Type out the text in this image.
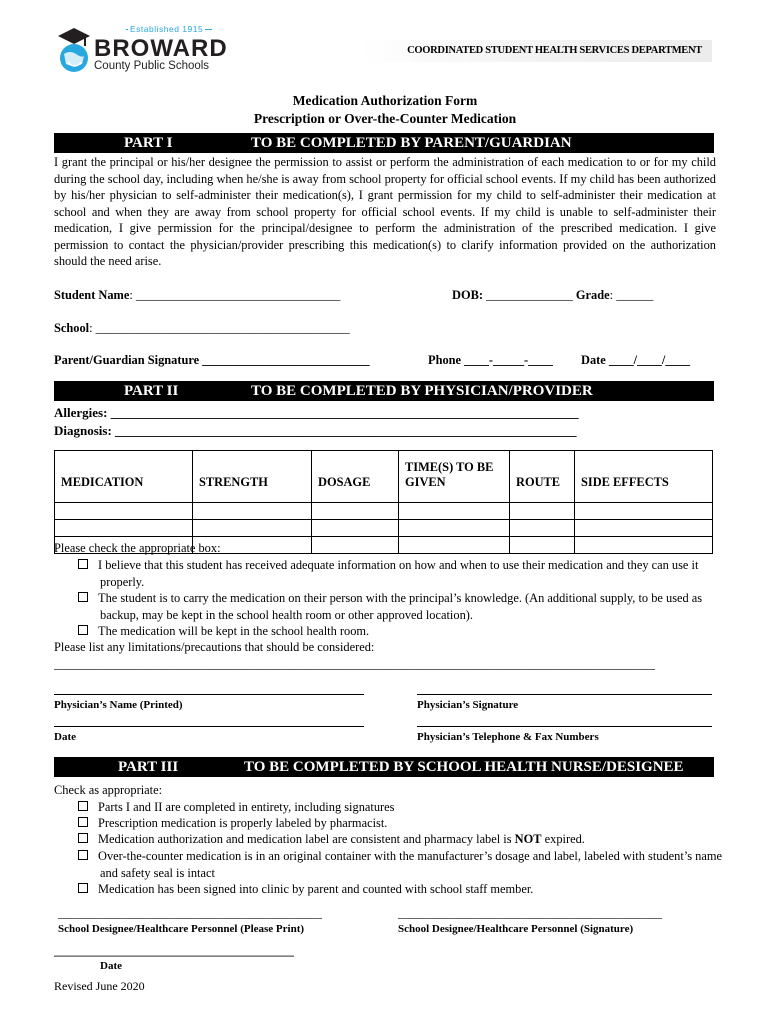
Established 1915
BROWARD
County Public Schools
COORDINATED STUDENT HEALTH SERVICES DEPARTMENT
Medication Authorization Form
Prescription or Over-the-Counter Medication
PART I	TO BE COMPLETED BY PARENT/GUARDIAN
I grant the principal or his/her designee the permission to assist or perform the administration of each medication to or for my child during the school day, including when he/she is away from school property for official school events. If my child has been authorized by his/her physician to self-administer their medication(s), I grant permission for my child to self-administer their medication at school and when they are away from school property for official school events. If my child is unable to self-administer their medication, I give permission for the principal/designee to perform the administration of the prescribed medication. I give permission to contact the physician/provider prescribing this medication(s) to clarify information provided on the authorization should the need arise.
Student Name: _________________________________	DOB: ______________ Grade: ______
School: _________________________________________
Parent/Guardian Signature ___________________________	Phone ____-_____-____ Date ____/____/____
PART II	TO BE COMPLETED BY PHYSICIAN/PROVIDER
Allergies: ________________________________________________________________________
Diagnosis: _______________________________________________________________________
MEDICATION	STRENGTH	DOSAGE	TIME(S) TO BE GIVEN	ROUTE	SIDE EFFECTS

Please check the appropriate box:
I believe that this student has received adequate information on how and when to use their medication and they can use it properly.
The student is to carry the medication on their person with the principal’s knowledge. (An additional supply, to be used as backup, may be kept in the school health room or other approved location).
The medication will be kept in the school health room.
Please list any limitations/precautions that should be considered:
_________________________________________________________________________________________________
Physician’s Name (Printed)	Physician’s Signature
Date	Physician’s Telephone & Fax Numbers
PART III	TO BE COMPLETED BY SCHOOL HEALTH NURSE/DESIGNEE
Check as appropriate:
Parts I and II are completed in entirety, including signatures
Prescription medication is properly labeled by pharmacist.
Medication authorization and medication label are consistent and pharmacy label is NOT expired.
Over-the-counter medication is in an original container with the manufacturer’s dosage and label, labeled with student’s name and safety seal is intact
Medication has been signed into clinic by parent and counted with school staff member.
____________________________________________	____________________________________________
School Designee/Healthcare Personnel (Please Print)	School Designee/Healthcare Personnel (Signature)
________________________________________
Date
Revised June 2020
